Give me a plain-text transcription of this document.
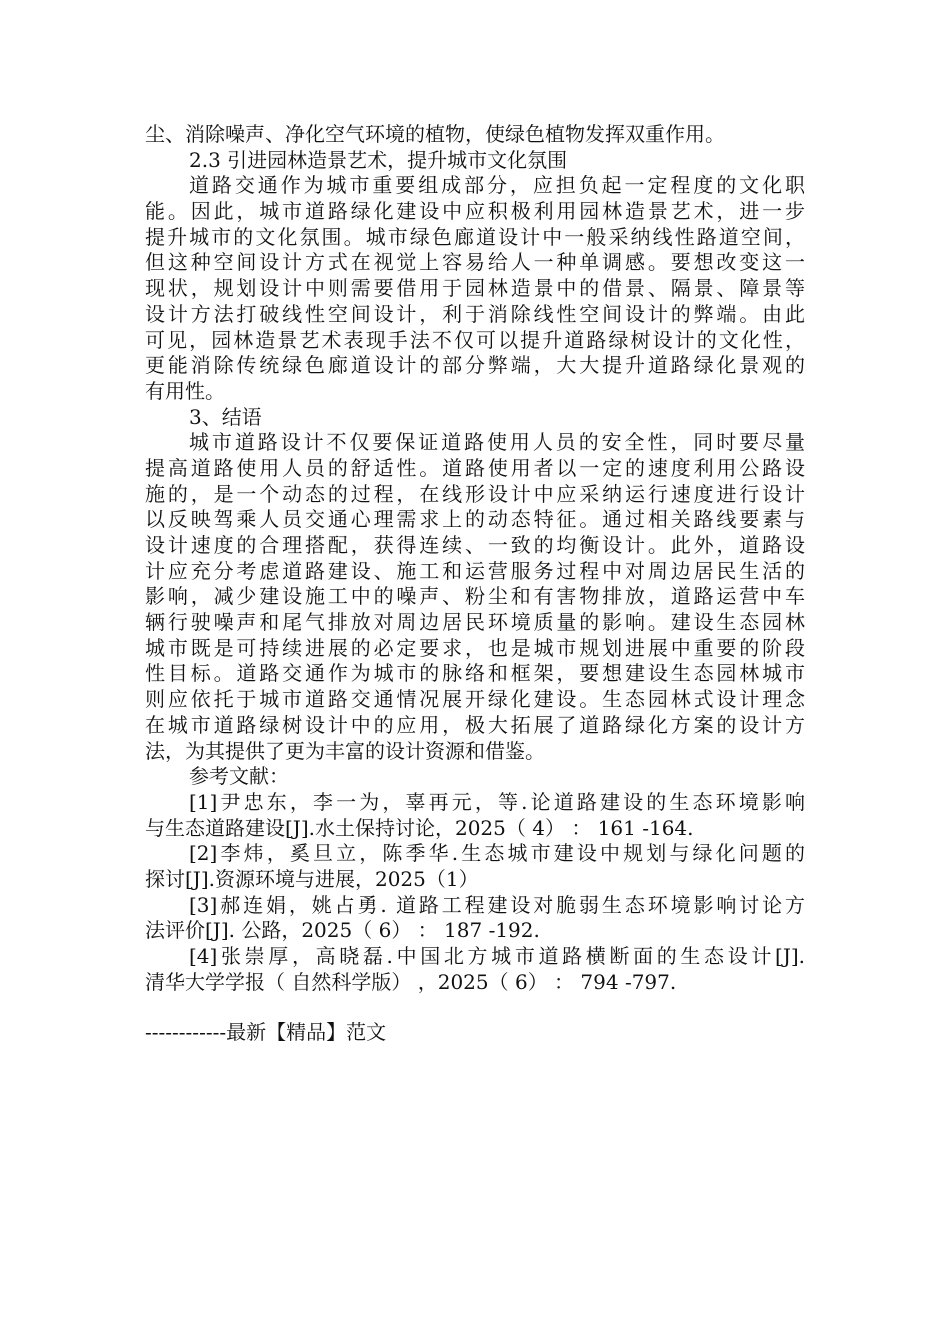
尘、消除噪声、净化空气环境的植物，使绿色植物发挥双重作用。
2.3 引进园林造景艺术，提升城市文化氛围
道路交通作为城市重要组成部分，应担负起一定程度的文化职
能。因此，城市道路绿化建设中应积极利用园林造景艺术，进一步
提升城市的文化氛围。城市绿色廊道设计中一般采纳线性路道空间，
但这种空间设计方式在视觉上容易给人一种单调感。要想改变这一
现状，规划设计中则需要借用于园林造景中的借景、隔景、障景等
设计方法打破线性空间设计，利于消除线性空间设计的弊端。由此
可见，园林造景艺术表现手法不仅可以提升道路绿树设计的文化性，
更能消除传统绿色廊道设计的部分弊端，大大提升道路绿化景观的
有用性。
3、结语
城市道路设计不仅要保证道路使用人员的安全性，同时要尽量
提高道路使用人员的舒适性。道路使用者以一定的速度利用公路设
施的，是一个动态的过程，在线形设计中应采纳运行速度进行设计
以反映驾乘人员交通心理需求上的动态特征。通过相关路线要素与
设计速度的合理搭配，获得连续、一致的均衡设计。此外，道路设
计应充分考虑道路建设、施工和运营服务过程中对周边居民生活的
影响，减少建设施工中的噪声、粉尘和有害物排放，道路运营中车
辆行驶噪声和尾气排放对周边居民环境质量的影响。建设生态园林
城市既是可持续进展的必定要求，也是城市规划进展中重要的阶段
性目标。道路交通作为城市的脉络和框架，要想建设生态园林城市
则应依托于城市道路交通情况展开绿化建设。生态园林式设计理念
在城市道路绿树设计中的应用，极大拓展了道路绿化方案的设计方
法，为其提供了更为丰富的设计资源和借鉴。
参考文献：
[1]尹忠东，李一为，辜再元，等.论道路建设的生态环境影响
与生态道路建设[J].水土保持讨论，2025（ 4） ： 161 -164.
[2]李炜，奚旦立，陈季华.生态城市建设中规划与绿化问题的
探讨[J].资源环境与进展，2025（1）
[3]郝连娟，姚占勇. 道路工程建设对脆弱生态环境影响讨论方
法评价[J]. 公路，2025（ 6） ： 187 -192.
[4]张崇厚，高晓磊.中国北方城市道路横断面的生态设计[J].
清华大学学报（ 自然科学版） ，2025（ 6） ： 794 -797.
------------最新【精品】范文
